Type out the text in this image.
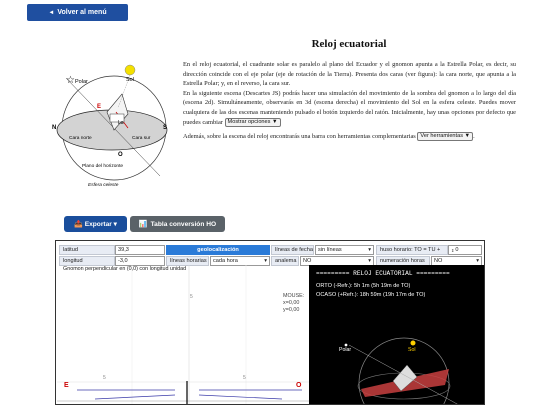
◄ Volver al menú
☆ Polar	Sol
N	S
E
O
La
Cara norte	Cara sur
Plano del horizonte
Esfera celeste
Reloj ecuatorial

En el reloj ecuatorial, el cuadrante solar es paralelo al plano del Ecuador y el gnomon apunta a la Estrella Polar, es decir, su dirección coincide con el eje polar (eje de rotación de la Tierra). Presenta dos caras (ver figura): la cara norte, que apunta a la Estrella Polar; y, en el reverso, la cara sur.

En la siguiente escena (Descartes JS) podrás hacer una simulación del movimiento de la sombra del gnomon a lo largo del día (escena 2d). Simultáneamente, observarás en 3d (escena derecha) el movimiento del Sol en la esfera celeste. Puedes mover cualquiera de las dos escenas manteniendo pulsado el botón izquierdo del ratón. Inicialmente, hay unas opciones por defecto que puedes cambiar Mostrar opciones ▼

Además, sobre la escena del reloj encontrarás una barra con herramientas complementarias Ver herramientas ▼ .

📤 Exportar ▾	📊 Tabla conversión HO
latitud	39,3	geolocalización	líneas de fecha sin líneas	▾	huso horario: TO = TU +	⇕ 0
longitud	-3,0	líneas horarias	cada hora	▾	analema	NO	▾	numeración horas	NO	▾
5
5	5
E	O
Gnomon perpendicular en (0,0) con longitud unidad
MOUSE:
x=0,00
y=0,00
========= RELOJ ECUATORIAL =========
ORTO (-Refr.): 5h 1m (5h 19m de TO)
OCASO (+Refr.): 18h 59m (19h 17m de TO)
Polar	Sol
